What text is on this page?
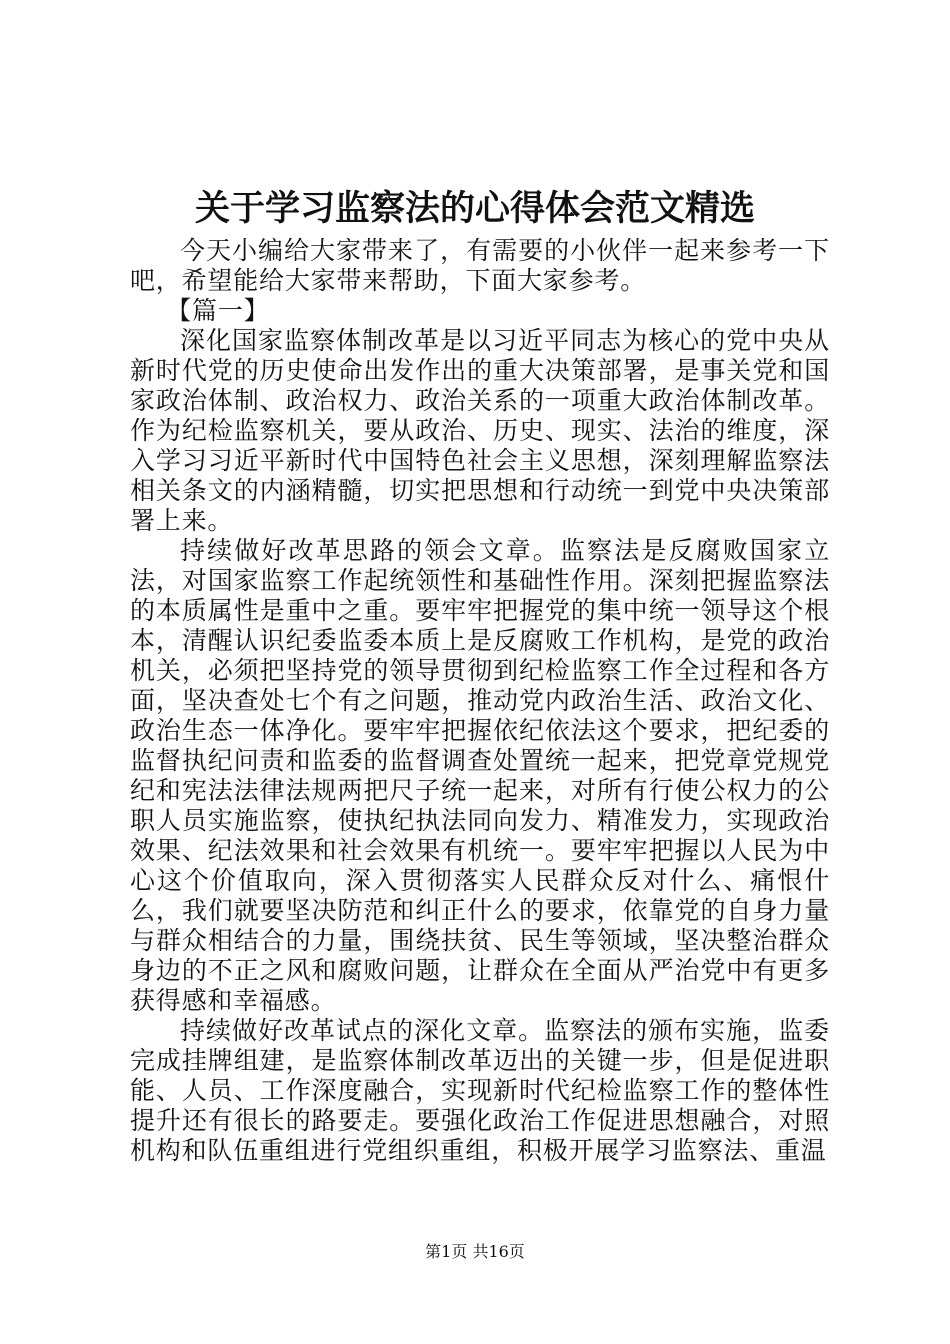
关于学习监察法的心得体会范文精选

今天小编给大家带来了，有需要的小伙伴一起来参考一下吧，希望能给大家带来帮助，下面大家参考。

【篇一】

深化国家监察体制改革是以习近平同志为核心的党中央从新时代党的历史使命出发作出的重大决策部署，是事关党和国家政治体制、政治权力、政治关系的一项重大政治体制改革。作为纪检监察机关，要从政治、历史、现实、法治的维度，深入学习习近平新时代中国特色社会主义思想，深刻理解监察法相关条文的内涵精髓，切实把思想和行动统一到党中央决策部署上来。

持续做好改革思路的领会文章。监察法是反腐败国家立法，对国家监察工作起统领性和基础性作用。深刻把握监察法的本质属性是重中之重。要牢牢把握党的集中统一领导这个根本，清醒认识纪委监委本质上是反腐败工作机构，是党的政治机关，必须把坚持党的领导贯彻到纪检监察工作全过程和各方面，坚决查处七个有之问题，推动党内政治生活、政治文化、政治生态一体净化。要牢牢把握依纪依法这个要求，把纪委的监督执纪问责和监委的监督调查处置统一起来，把党章党规党纪和宪法法律法规两把尺子统一起来，对所有行使公权力的公职人员实施监察，使执纪执法同向发力、精准发力，实现政治效果、纪法效果和社会效果有机统一。要牢牢把握以人民为中心这个价值取向，深入贯彻落实人民群众反对什么、痛恨什么，我们就要坚决防范和纠正什么的要求，依靠党的自身力量与群众相结合的力量，围绕扶贫、民生等领域，坚决整治群众身边的不正之风和腐败问题，让群众在全面从严治党中有更多获得感和幸福感。

持续做好改革试点的深化文章。监察法的颁布实施，监委完成挂牌组建，是监察体制改革迈出的关键一步，但是促进职能、人员、工作深度融合，实现新时代纪检监察工作的整体性提升还有很长的路要走。要强化政治工作促进思想融合，对照机构和队伍重组进行党组织重组，积极开展学习监察法、重温

第1页 共16页
